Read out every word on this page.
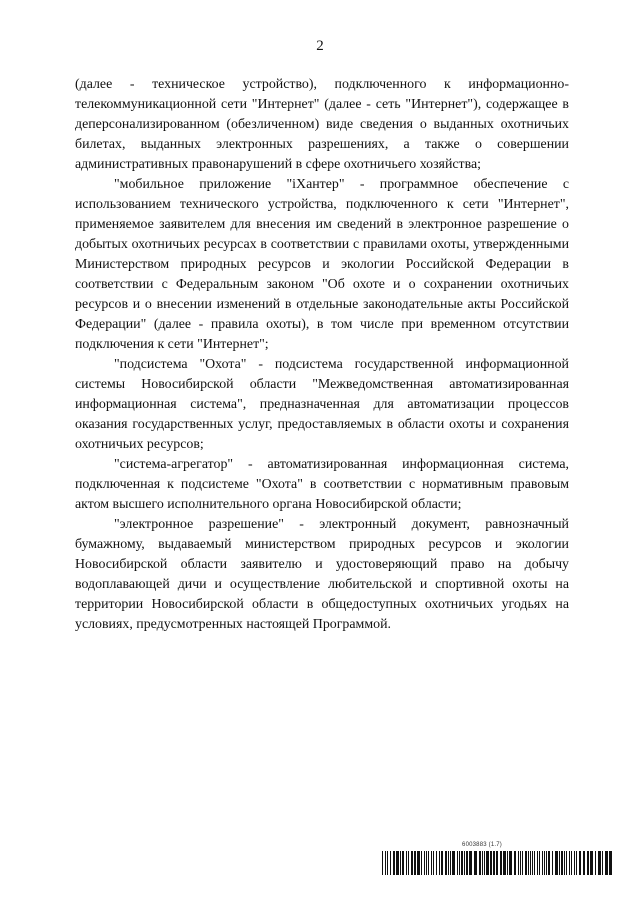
2

(далее - техническое устройство), подключенного к информационно-телекоммуникационной сети "Интернет" (далее - сеть "Интернет"), содержащее в деперсонализированном (обезличенном) виде сведения о выданных охотничьих билетах, выданных электронных разрешениях, а также о совершении административных правонарушений в сфере охотничьего хозяйства;

"мобильное приложение "iХантер" - программное обеспечение с использованием технического устройства, подключенного к сети "Интернет", применяемое заявителем для внесения им сведений в электронное разрешение о добытых охотничьих ресурсах в соответствии с правилами охоты, утвержденными Министерством природных ресурсов и экологии Российской Федерации в соответствии с Федеральным законом "Об охоте и о сохранении охотничьих ресурсов и о внесении изменений в отдельные законодательные акты Российской Федерации" (далее - правила охоты), в том числе при временном отсутствии подключения к сети "Интернет";

"подсистема "Охота" - подсистема государственной информационной системы Новосибирской области "Межведомственная автоматизированная информационная система", предназначенная для автоматизации процессов оказания государственных услуг, предоставляемых в области охоты и сохранения охотничьих ресурсов;

"система-агрегатор" - автоматизированная информационная система, подключенная к подсистеме "Охота" в соответствии с нормативным правовым актом высшего исполнительного органа Новосибирской области;

"электронное разрешение" - электронный документ, равнозначный бумажному, выдаваемый министерством природных ресурсов и экологии Новосибирской области заявителю и удостоверяющий право на добычу водоплавающей дичи и осуществление любительской и спортивной охоты на территории Новосибирской области в общедоступных охотничьих угодьях на условиях, предусмотренных настоящей Программой.

6003883 (1.7)
